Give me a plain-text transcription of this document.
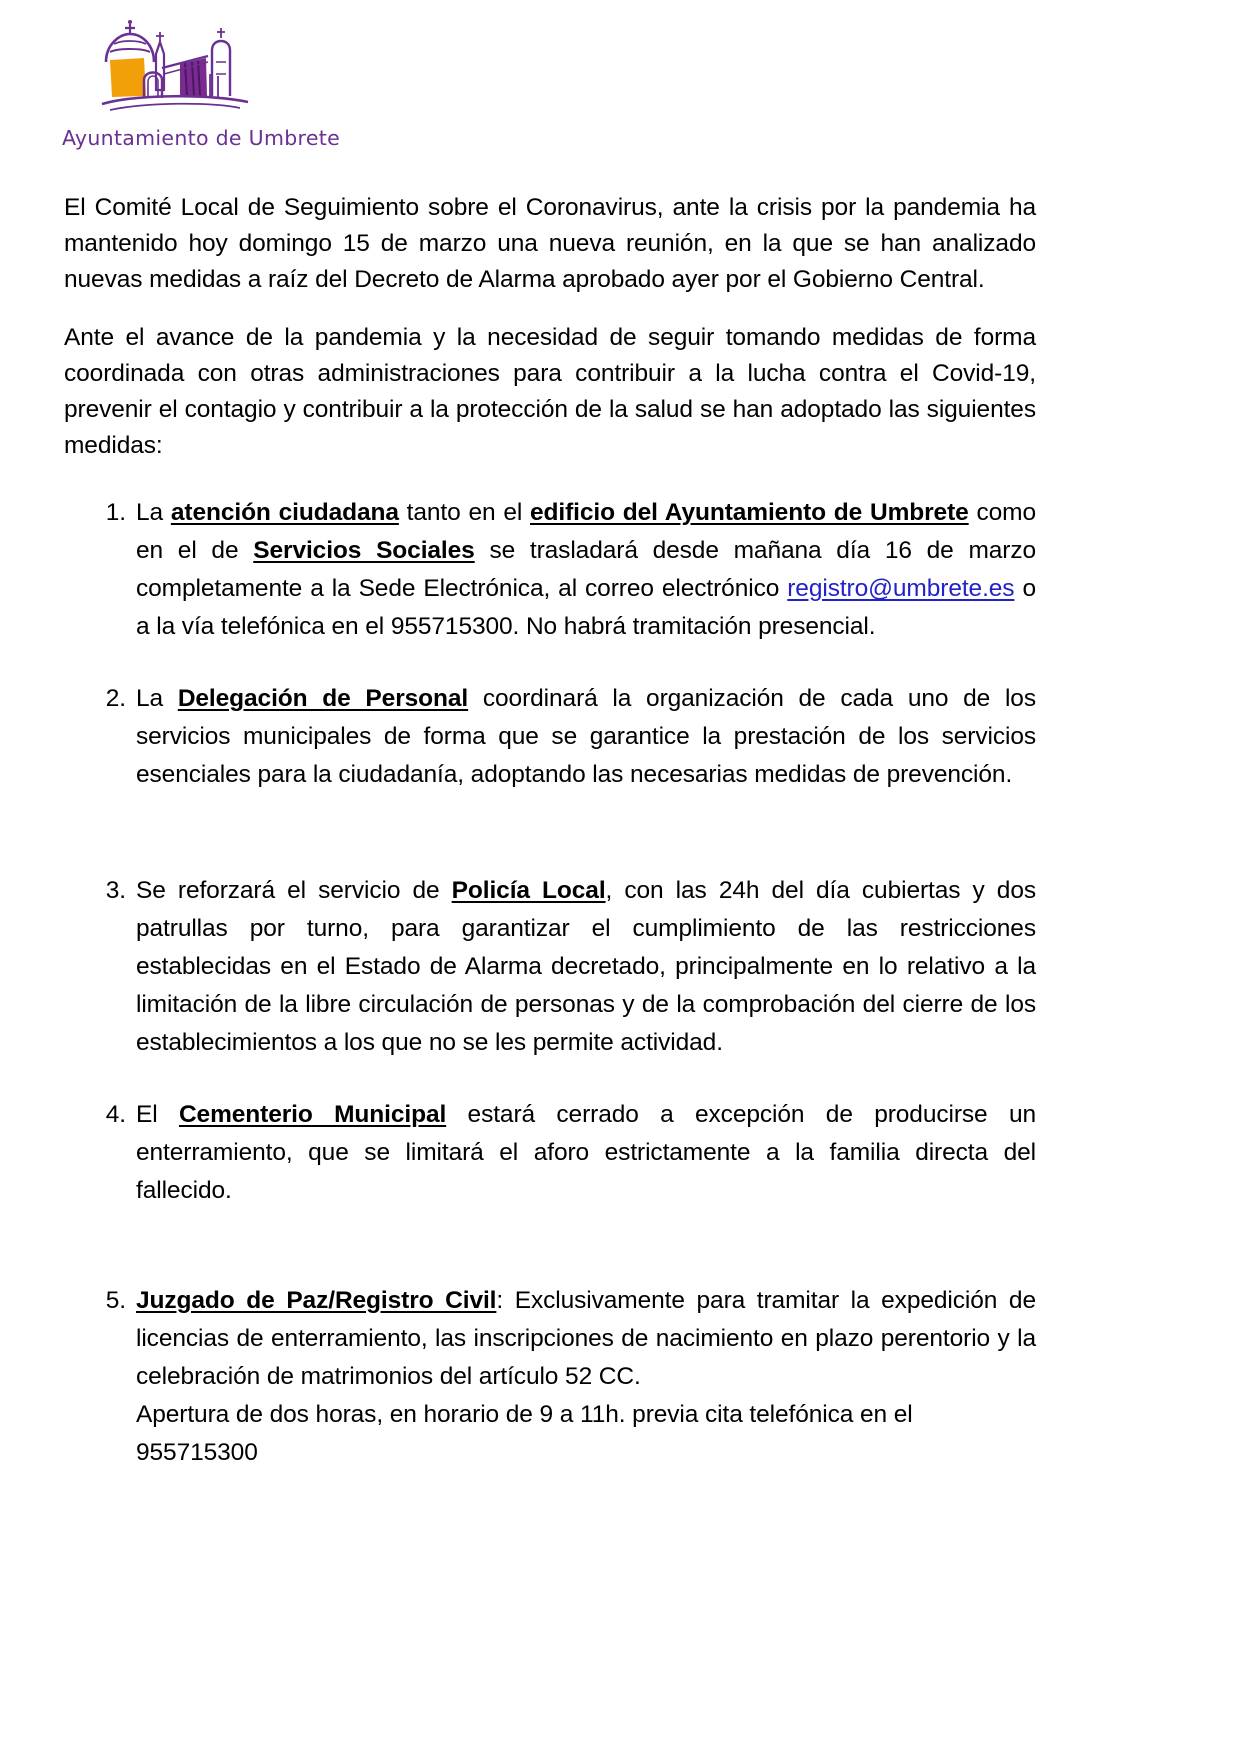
Ayuntamiento de Umbrete

El Comité Local de Seguimiento sobre el Coronavirus, ante la crisis por la pandemia ha mantenido hoy domingo 15 de marzo una nueva reunión, en la que se han analizado nuevas medidas a raíz del Decreto de Alarma aprobado ayer por el Gobierno Central.

Ante el avance de la pandemia y la necesidad de seguir tomando medidas de forma coordinada con otras administraciones para contribuir a la lucha contra el Covid-19, prevenir el contagio y contribuir a la protección de la salud se han adoptado las siguientes medidas:

La atención ciudadana tanto en el edificio del Ayuntamiento de Umbrete como en el de Servicios Sociales se trasladará desde mañana día 16 de marzo completamente a la Sede Electrónica, al correo electrónico registro@umbrete.es o a la vía telefónica en el 955715300. No habrá tramitación presencial.
La Delegación de Personal coordinará la organización de cada uno de los servicios municipales de forma que se garantice la prestación de los servicios esenciales para la ciudadanía, adoptando las necesarias medidas de prevención.
Se reforzará el servicio de Policía Local, con las 24h del día cubiertas y dos patrullas por turno, para garantizar el cumplimiento de las restricciones establecidas en el Estado de Alarma decretado, principalmente en lo relativo a la limitación de la libre circulación de personas y de la comprobación del cierre de los establecimientos a los que no se les permite actividad.
El Cementerio Municipal estará cerrado a excepción de producirse un enterramiento, que se limitará el aforo estrictamente a la familia directa del fallecido.
Juzgado de Paz/Registro Civil: Exclusivamente para tramitar la expedición de licencias de enterramiento, las inscripciones de nacimiento en plazo perentorio y la celebración de matrimonios del artículo 52 CC.
Apertura de dos horas, en horario de 9 a 11h. previa cita telefónica en el 955715300
